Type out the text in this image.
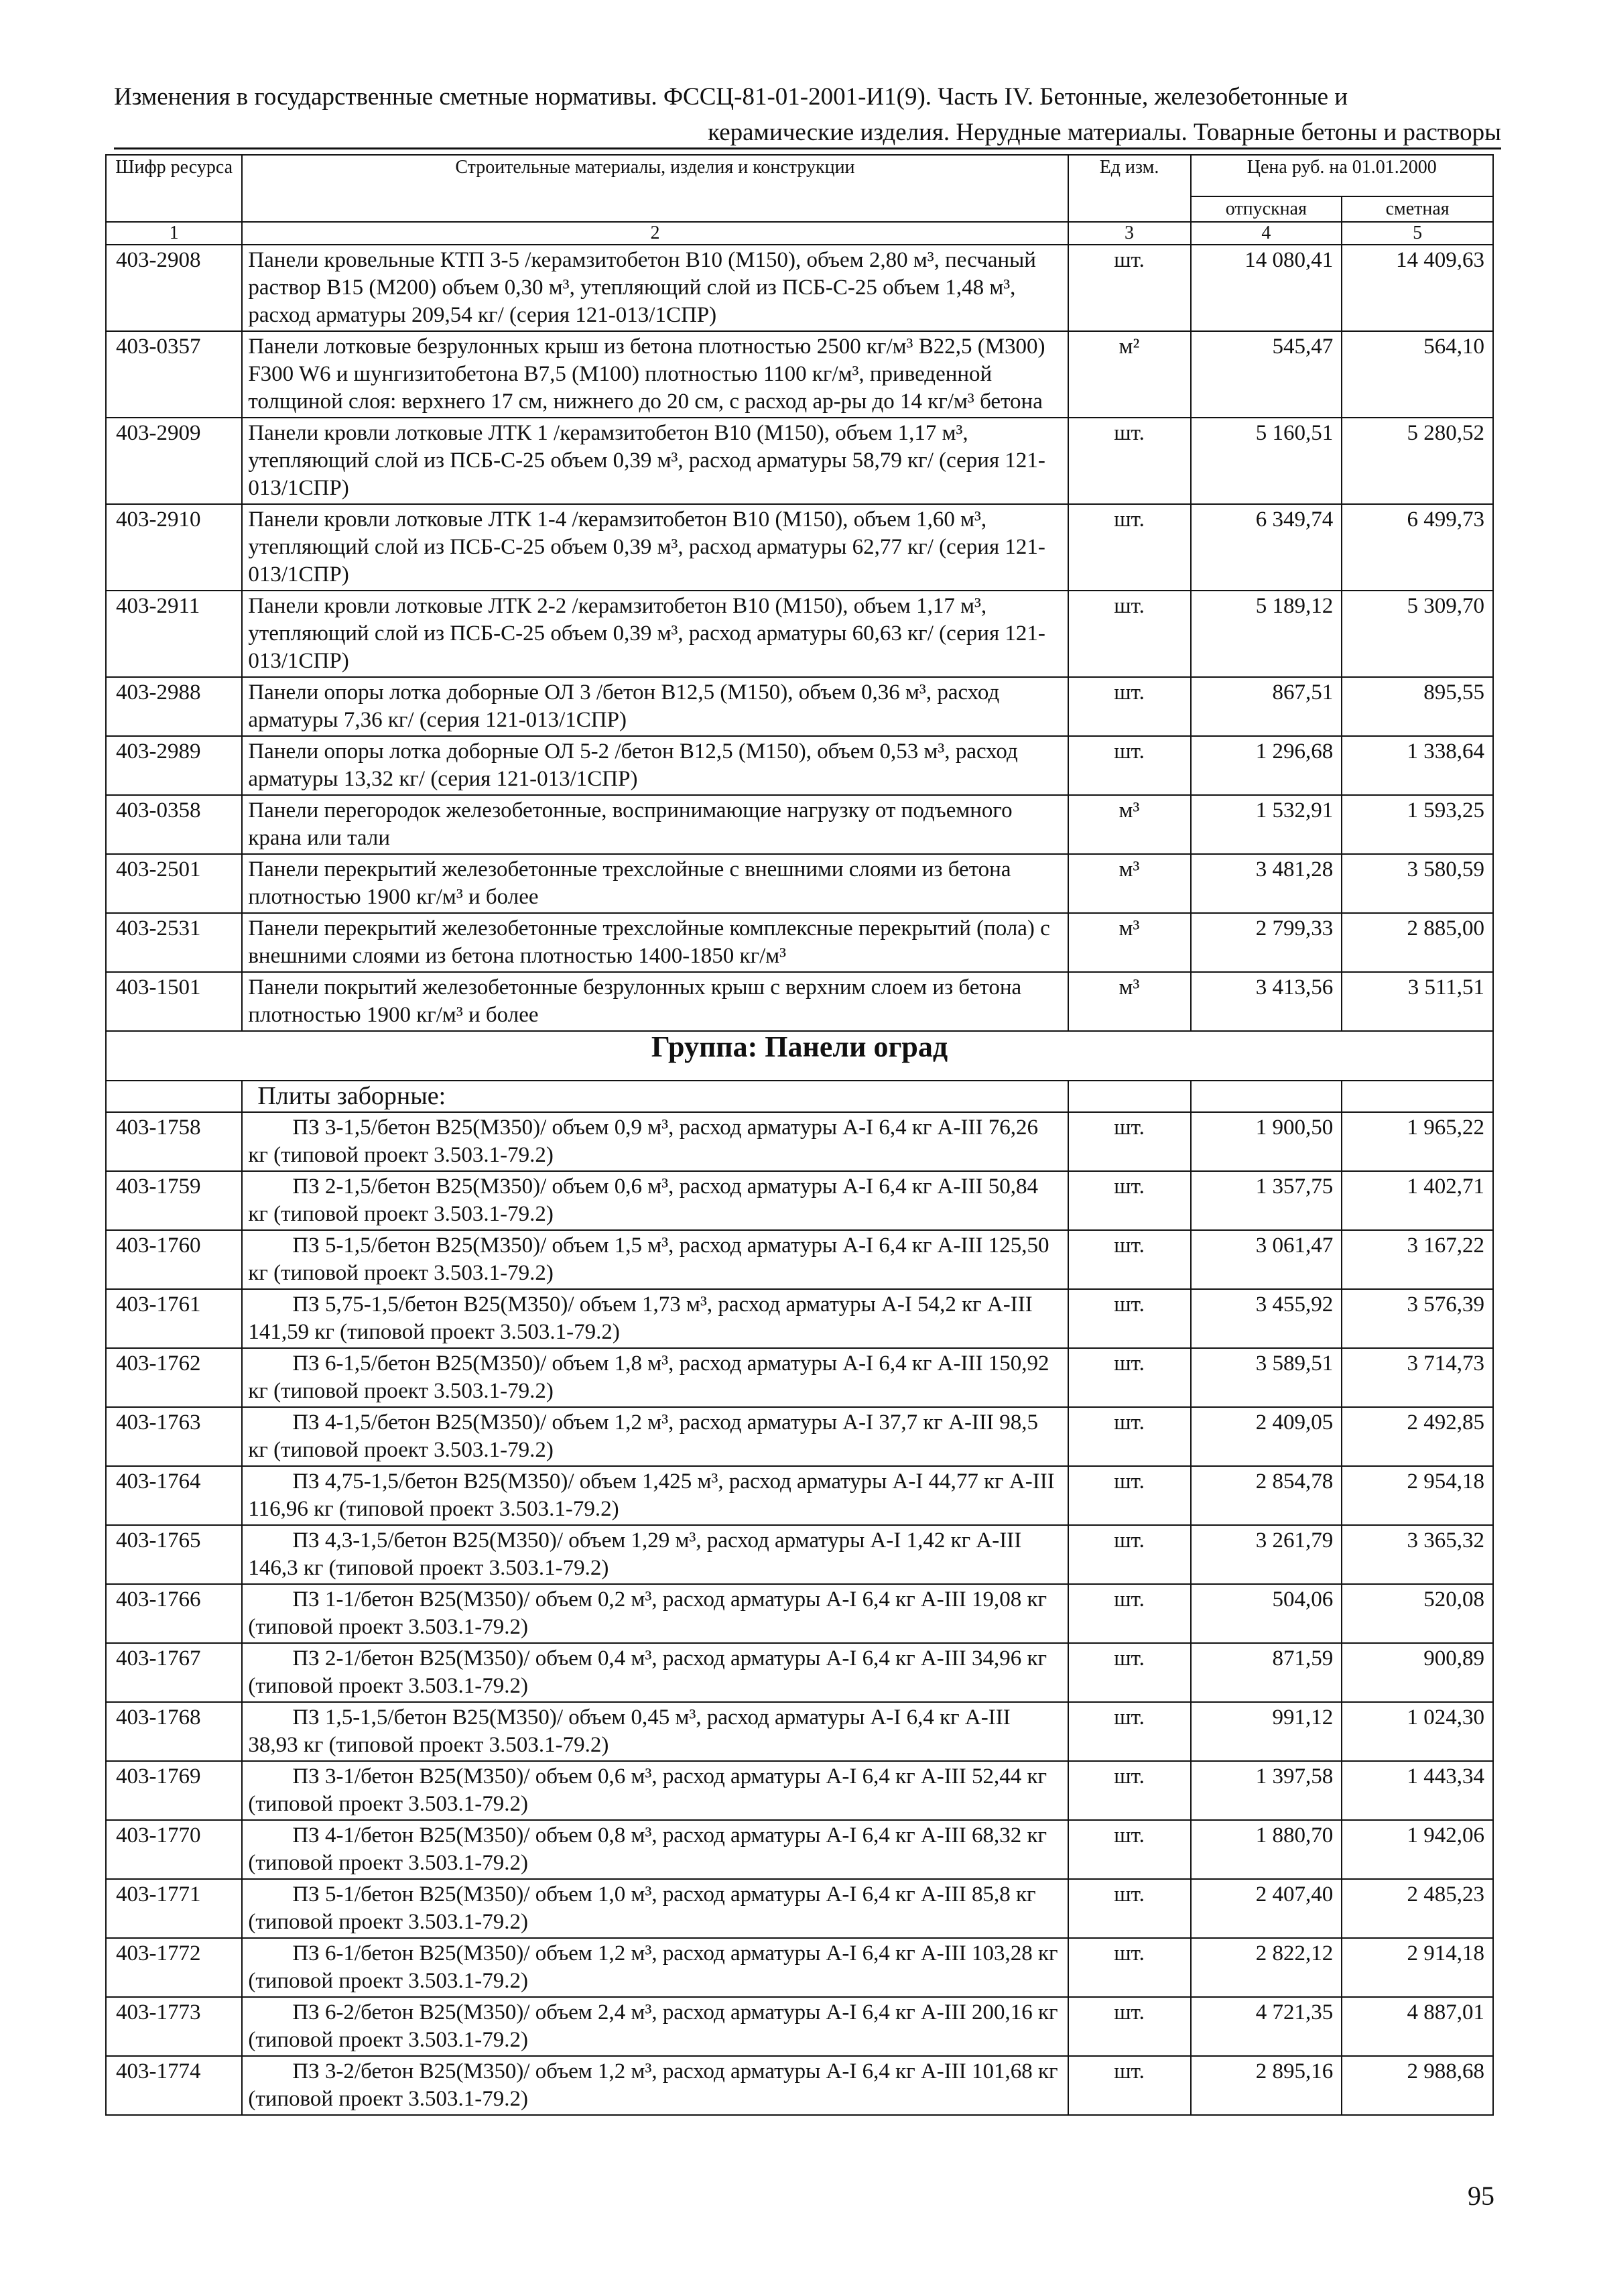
Изменения в государственные сметные нормативы. ФССЦ-81-01-2001-И1(9). Часть IV. Бетонные, железобетонные и
керамические изделия. Нерудные материалы. Товарные бетоны и растворы
Шифр ресурса	Строительные материалы, изделия и конструкции	Ед изм.	Цена руб. на 01.01.2000	
			отпускная	сметная
1	2	3	4	5
403-2908	Панели кровельные КТП 3-5 /керамзитобетон В10 (М150), объем 2,80 м³, песчаный раствор В15 (М200) объем 0,30 м³, утепляющий слой из ПСБ-С-25 объем 1,48 м³, расход арматуры 209,54 кг/ (серия 121-013/1СПР)	шт.	14 080,41	14 409,63
403-0357	Панели лотковые безрулонных крыш из бетона плотностью 2500 кг/м³ В22,5 (М300) F300 W6 и шунгизитобетона В7,5 (М100) плотностью 1100 кг/м³, приведенной толщиной слоя: верхнего 17 см, нижнего до 20 см, с расход ар-ры до 14 кг/м³ бетона	м²	545,47	564,10
403-2909	Панели кровли лотковые ЛТК 1 /керамзитобетон В10 (М150), объем 1,17 м³, утепляющий слой из ПСБ-С-25 объем 0,39 м³, расход арматуры 58,79 кг/ (серия 121-013/1СПР)	шт.	5 160,51	5 280,52
403-2910	Панели кровли лотковые ЛТК 1-4 /керамзитобетон В10 (М150), объем 1,60 м³, утепляющий слой из ПСБ-С-25 объем 0,39 м³, расход арматуры 62,77 кг/ (серия 121-013/1СПР)	шт.	6 349,74	6 499,73
403-2911	Панели кровли лотковые ЛТК 2-2 /керамзитобетон В10 (М150), объем 1,17 м³, утепляющий слой из ПСБ-С-25 объем 0,39 м³, расход арматуры 60,63 кг/ (серия 121-013/1СПР)	шт.	5 189,12	5 309,70
403-2988	Панели опоры лотка доборные ОЛ 3 /бетон В12,5 (М150), объем 0,36 м³, расход арматуры 7,36 кг/ (серия 121-013/1СПР)	шт.	867,51	895,55
403-2989	Панели опоры лотка доборные ОЛ 5-2 /бетон В12,5 (М150), объем 0,53 м³, расход арматуры 13,32 кг/ (серия 121-013/1СПР)	шт.	1 296,68	1 338,64
403-0358	Панели перегородок железобетонные, воспринимающие нагрузку от подъемного крана или тали	м³	1 532,91	1 593,25
403-2501	Панели перекрытий железобетонные трехслойные с внешними слоями из бетона плотностью 1900 кг/м³ и более	м³	3 481,28	3 580,59
403-2531	Панели перекрытий железобетонные трехслойные комплексные перекрытий (пола) с внешними слоями из бетона плотностью 1400-1850 кг/м³	м³	2 799,33	2 885,00
403-1501	Панели покрытий железобетонные безрулонных крыш с верхним слоем из бетона плотностью 1900 кг/м³ и более	м³	3 413,56	3 511,51
Группа: Панели оград				
	Плиты заборные:			
403-1758	ПЗ 3-1,5/бетон В25(М350)/ объем 0,9 м³, расход арматуры А-I 6,4 кг А-III 76,26 кг (типовой проект 3.503.1-79.2)	шт.	1 900,50	1 965,22
403-1759	ПЗ 2-1,5/бетон В25(М350)/ объем 0,6 м³, расход арматуры А-I 6,4 кг А-III 50,84 кг (типовой проект 3.503.1-79.2)	шт.	1 357,75	1 402,71
403-1760	ПЗ 5-1,5/бетон В25(М350)/ объем 1,5 м³, расход арматуры А-I 6,4 кг А-III 125,50 кг (типовой проект 3.503.1-79.2)	шт.	3 061,47	3 167,22
403-1761	ПЗ 5,75-1,5/бетон В25(М350)/ объем 1,73 м³, расход арматуры А-I 54,2 кг А-III 141,59 кг (типовой проект 3.503.1-79.2)	шт.	3 455,92	3 576,39
403-1762	ПЗ 6-1,5/бетон В25(М350)/ объем 1,8 м³, расход арматуры А-I 6,4 кг А-III 150,92 кг (типовой проект 3.503.1-79.2)	шт.	3 589,51	3 714,73
403-1763	ПЗ 4-1,5/бетон В25(М350)/ объем 1,2 м³, расход арматуры А-I 37,7 кг А-III 98,5 кг (типовой проект 3.503.1-79.2)	шт.	2 409,05	2 492,85
403-1764	ПЗ 4,75-1,5/бетон В25(М350)/ объем 1,425 м³, расход арматуры А-I 44,77 кг А-III 116,96 кг (типовой проект 3.503.1-79.2)	шт.	2 854,78	2 954,18
403-1765	ПЗ 4,3-1,5/бетон В25(М350)/ объем 1,29 м³, расход арматуры А-I 1,42 кг А-III 146,3 кг (типовой проект 3.503.1-79.2)	шт.	3 261,79	3 365,32
403-1766	ПЗ 1-1/бетон В25(М350)/ объем 0,2 м³, расход арматуры А-I 6,4 кг А-III 19,08 кг (типовой проект 3.503.1-79.2)	шт.	504,06	520,08
403-1767	ПЗ 2-1/бетон В25(М350)/ объем 0,4 м³, расход арматуры А-I 6,4 кг А-III 34,96 кг (типовой проект 3.503.1-79.2)	шт.	871,59	900,89
403-1768	ПЗ 1,5-1,5/бетон В25(М350)/ объем 0,45 м³, расход арматуры А-I 6,4 кг А-III 38,93 кг (типовой проект 3.503.1-79.2)	шт.	991,12	1 024,30
403-1769	ПЗ 3-1/бетон В25(М350)/ объем 0,6 м³, расход арматуры А-I 6,4 кг А-III 52,44 кг (типовой проект 3.503.1-79.2)	шт.	1 397,58	1 443,34
403-1770	ПЗ 4-1/бетон В25(М350)/ объем 0,8 м³, расход арматуры А-I 6,4 кг А-III 68,32 кг (типовой проект 3.503.1-79.2)	шт.	1 880,70	1 942,06
403-1771	ПЗ 5-1/бетон В25(М350)/ объем 1,0 м³, расход арматуры А-I 6,4 кг А-III 85,8 кг (типовой проект 3.503.1-79.2)	шт.	2 407,40	2 485,23
403-1772	ПЗ 6-1/бетон В25(М350)/ объем 1,2 м³, расход арматуры А-I 6,4 кг А-III 103,28 кг (типовой проект 3.503.1-79.2)	шт.	2 822,12	2 914,18
403-1773	ПЗ 6-2/бетон В25(М350)/ объем 2,4 м³, расход арматуры А-I 6,4 кг А-III 200,16 кг (типовой проект 3.503.1-79.2)	шт.	4 721,35	4 887,01
403-1774	ПЗ 3-2/бетон В25(М350)/ объем 1,2 м³, расход арматуры А-I 6,4 кг А-III 101,68 кг (типовой проект 3.503.1-79.2)	шт.	2 895,16	2 988,68
95
